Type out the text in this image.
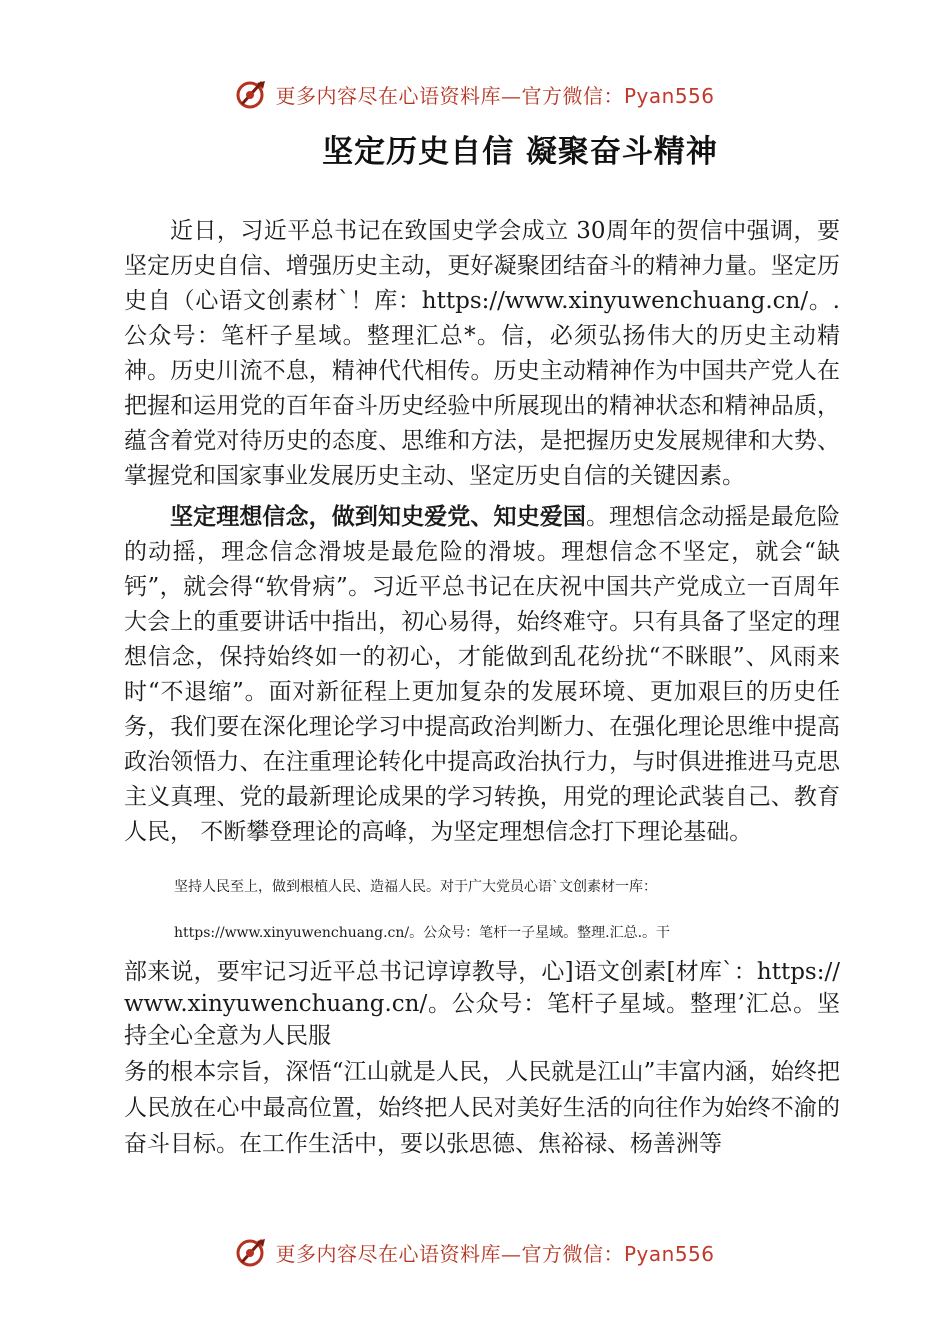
更多内容尽在心语资料库—官方微信：Pyan556
坚定历史自信 凝聚奋斗精神

近日，习近平总书记在致国史学会成立 30周年的贺信中强调，要坚定历史自信、增强历史主动，更好凝聚团结奋斗的精神力量。坚定历史自（心语文创素材`！库：https://www.xinyuwenchuang.cn/。.公众号：笔杆子星域。整理汇总*。信，必须弘扬伟大的历史主动精神。历史川流不息，精神代代相传。历史主动精神作为中国共产党人在把握和运用党的百年奋斗历史经验中所展现出的精神状态和精神品质， 蕴含着党对待历史的态度、思维和方法，是把握历史发展规律和大势、掌握党和国家事业发展历史主动、坚定历史自信的关键因素。

坚定理想信念，做到知史爱党、知史爱国。理想信念动摇是最危险的动摇，理念信念滑坡是最危险的滑坡。理想信念不坚定，就会“缺钙”，就会得“软骨病”。习近平总书记在庆祝中国共产党成立一百周年大会上的重要讲话中指出，初心易得，始终难守。只有具备了坚定的理想信念，保持始终如一的初心，才能做到乱花纷扰“不眯眼”、风雨来时“不退缩”。面对新征程上更加复杂的发展环境、更加艰巨的历史任务，我们要在深化理论学习中提高政治判断力、在强化理论思维中提高政治领悟力、在注重理论转化中提高政治执行力，与时俱进推进马克思主义真理、党的最新理论成果的学习转换，用党的理论武装自己、教育人民， 不断攀登理论的高峰，为坚定理想信念打下理论基础。

坚持人民至上，做到根植人民、造福人民。对于广大党员心语`文创素材一库：

https://www.xinyuwenchuang.cn/。公众号：笔杆一子星域。整理.汇总.。干

部来说，要牢记习近平总书记谆谆教导，心]语文创素[材库`：https://www.xinyuwenchuang.cn/。公众号：笔杆子星域。整理’汇总。坚持全心全意为人民服

务的根本宗旨，深悟“江山就是人民，人民就是江山”丰富内涵，始终把人民放在心中最高位置，始终把人民对美好生活的向往作为始终不渝的奋斗目标。在工作生活中，要以张思德、焦裕禄、杨善洲等

更多内容尽在心语资料库—官方微信：Pyan556
